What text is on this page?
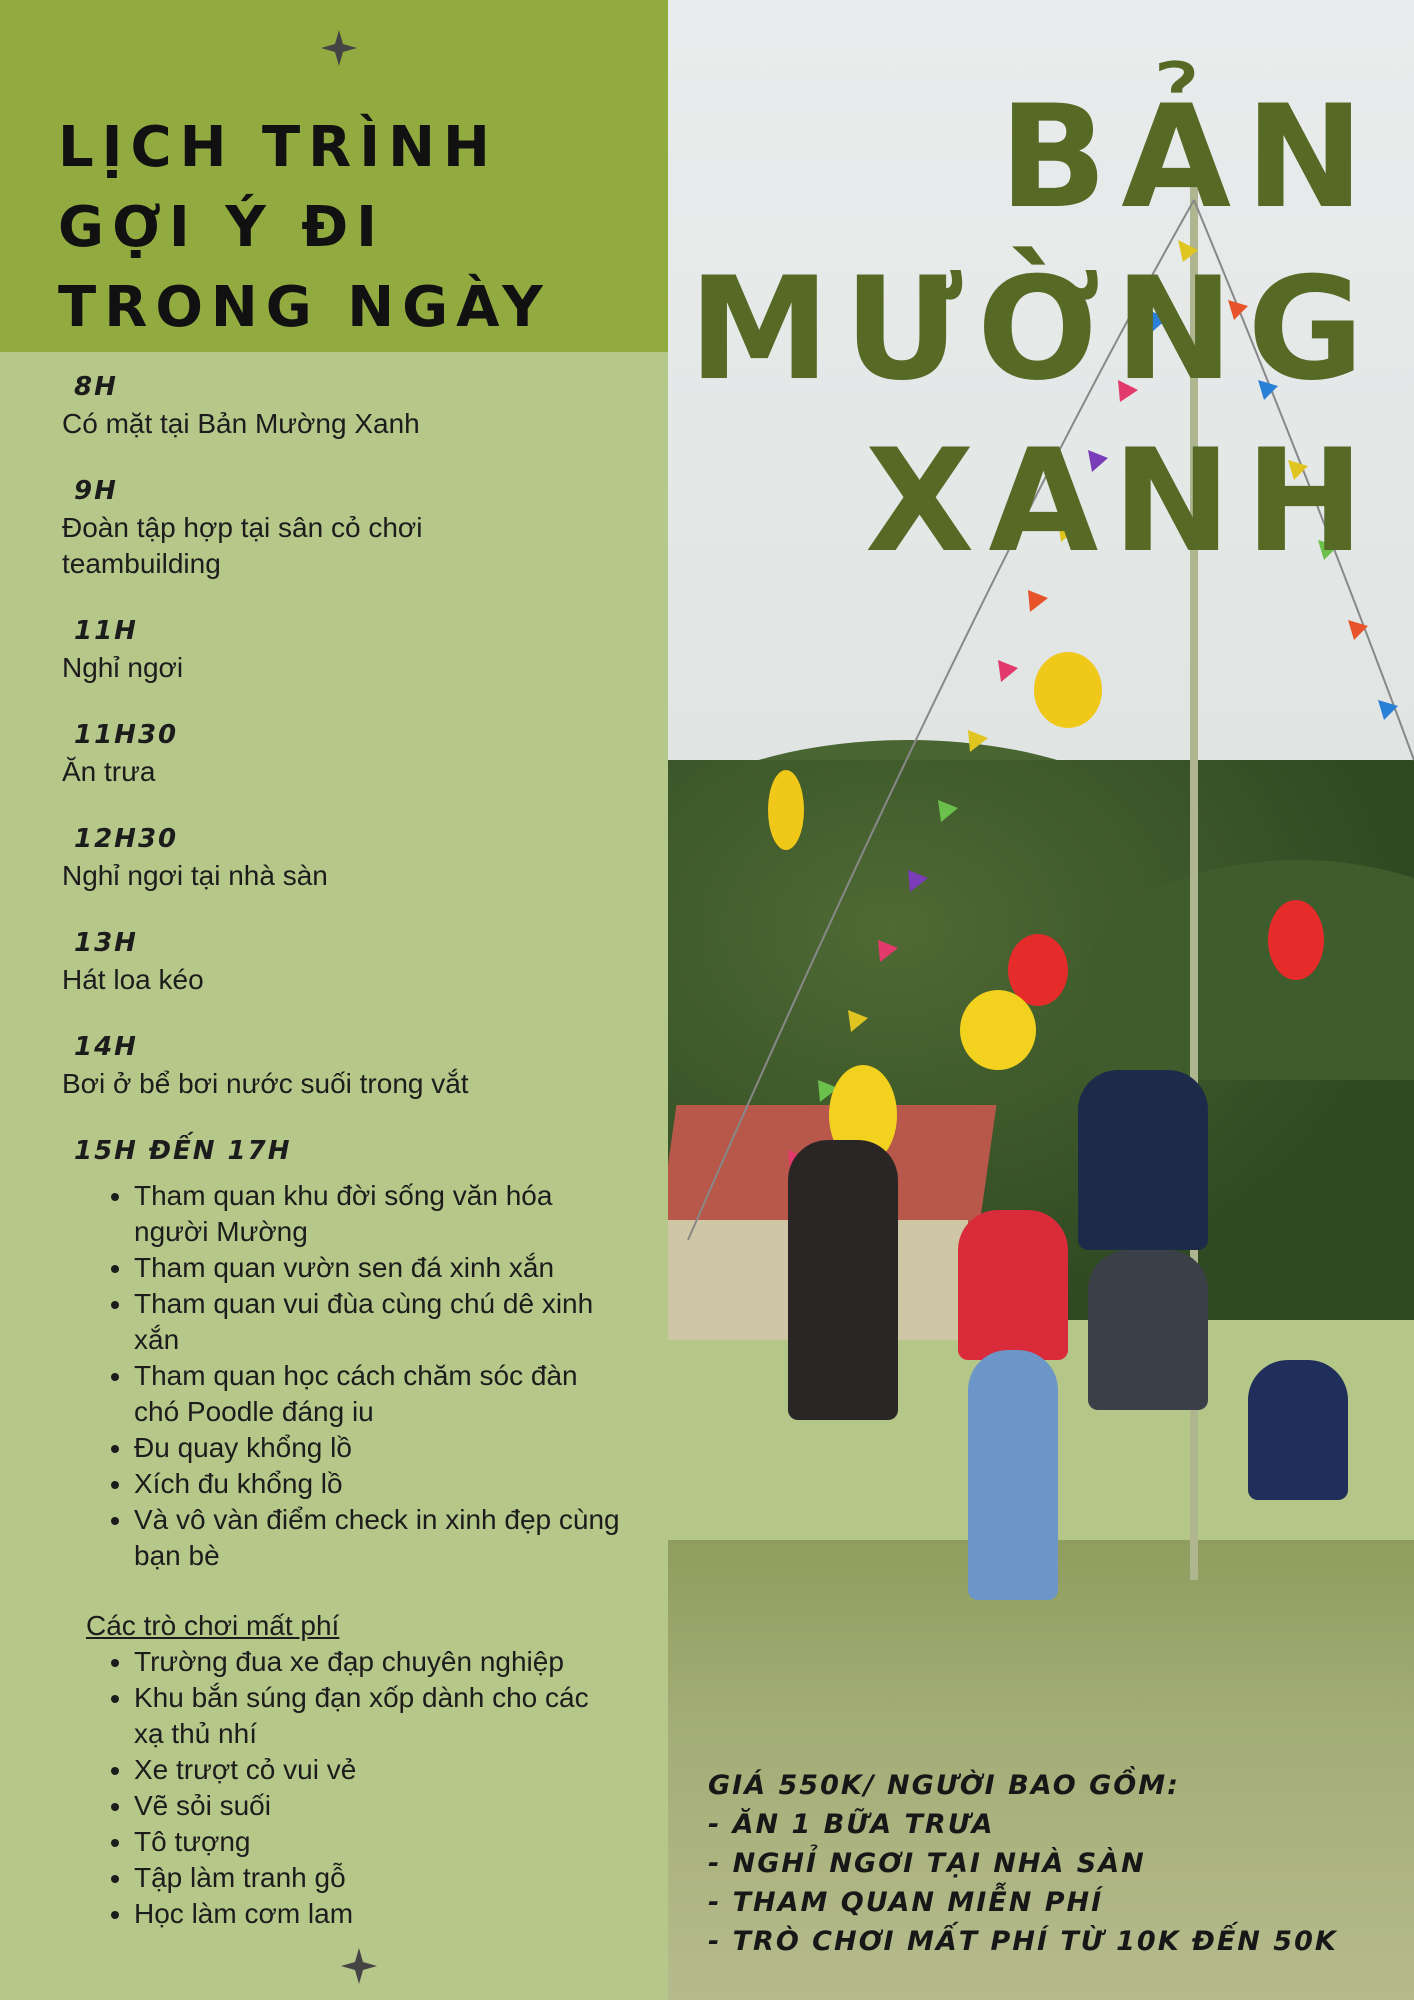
LỊCH TRÌNH GỢI Ý ĐI TRONG NGÀY
8H
Có mặt tại Bản Mường Xanh
9H
Đoàn tập hợp tại sân cỏ chơi teambuilding
11H
Nghỉ ngơi
11H30
Ăn trưa
12H30
Nghỉ ngơi tại nhà sàn
13H
Hát loa kéo
14H
Bơi ở bể bơi nước suối trong vắt
15H ĐẾN 17H
• Tham quan khu đời sống văn hóa người Mường
• Tham quan vườn sen đá xinh xắn
• Tham quan vui đùa cùng chú dê xinh xắn
• Tham quan học cách chăm sóc đàn chó Poodle đáng iu
• Đu quay khổng lồ
• Xích đu khổng lồ
• Và vô vàn điểm check in xinh đẹp cùng bạn bè
Các trò chơi mất phí
• Trường đua xe đạp chuyên nghiệp
• Khu bắn súng đạn xốp dành cho các xạ thủ nhí
• Xe trượt cỏ vui vẻ
• Vẽ sỏi suối
• Tô tượng
• Tập làm tranh gỗ
• Học làm cơm lam
BẢN
MƯỜNG
XANH
GIÁ 550K/ NGƯỜI BAO GỒM:
- ĂN 1 BỮA TRƯA
- NGHỈ NGƠI TẠI NHÀ SÀN
- THAM QUAN MIỄN PHÍ
- TRÒ CHƠI MẤT PHÍ TỪ 10K ĐẾN 50K
